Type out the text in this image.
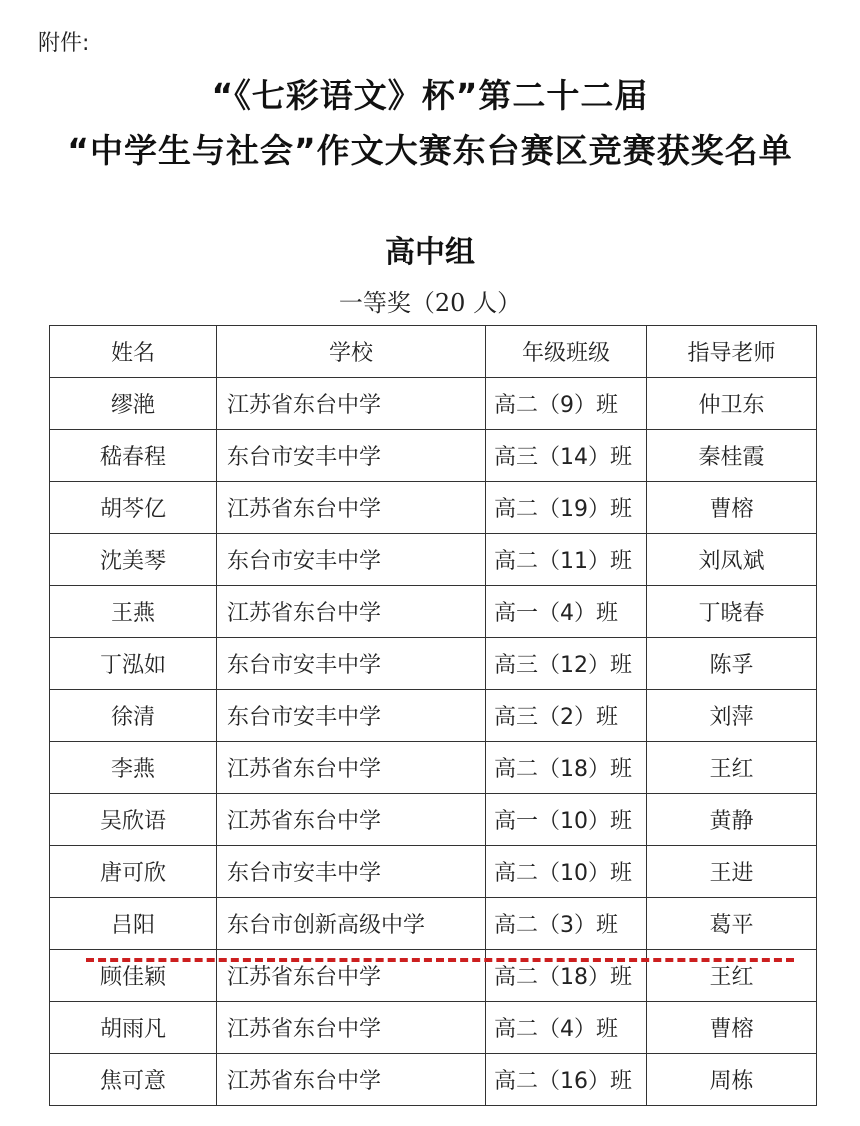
附件:
“《七彩语文》杯”第二十二届
“中学生与社会”作文大赛东台赛区竞赛获奖名单
高中组
一等奖（20 人）
姓名	学校	年级班级	指导老师
缪滟	江苏省东台中学	高二（9）班	仲卫东
嵇春程	东台市安丰中学	高三（14）班	秦桂霞
胡芩亿	江苏省东台中学	高二（19）班	曹榕
沈美琴	东台市安丰中学	高二（11）班	刘凤斌
王燕	江苏省东台中学	高一（4）班	丁晓春
丁泓如	东台市安丰中学	高三（12）班	陈孚
徐清	东台市安丰中学	高三（2）班	刘萍
李燕	江苏省东台中学	高二（18）班	王红
吴欣语	江苏省东台中学	高一（10）班	黄静
唐可欣	东台市安丰中学	高二（10）班	王进
吕阳	东台市创新高级中学	高二（3）班	葛平
顾佳颖	江苏省东台中学	高二（18）班	王红
胡雨凡	江苏省东台中学	高二（4）班	曹榕
焦可意	江苏省东台中学	高二（16）班	周栋
